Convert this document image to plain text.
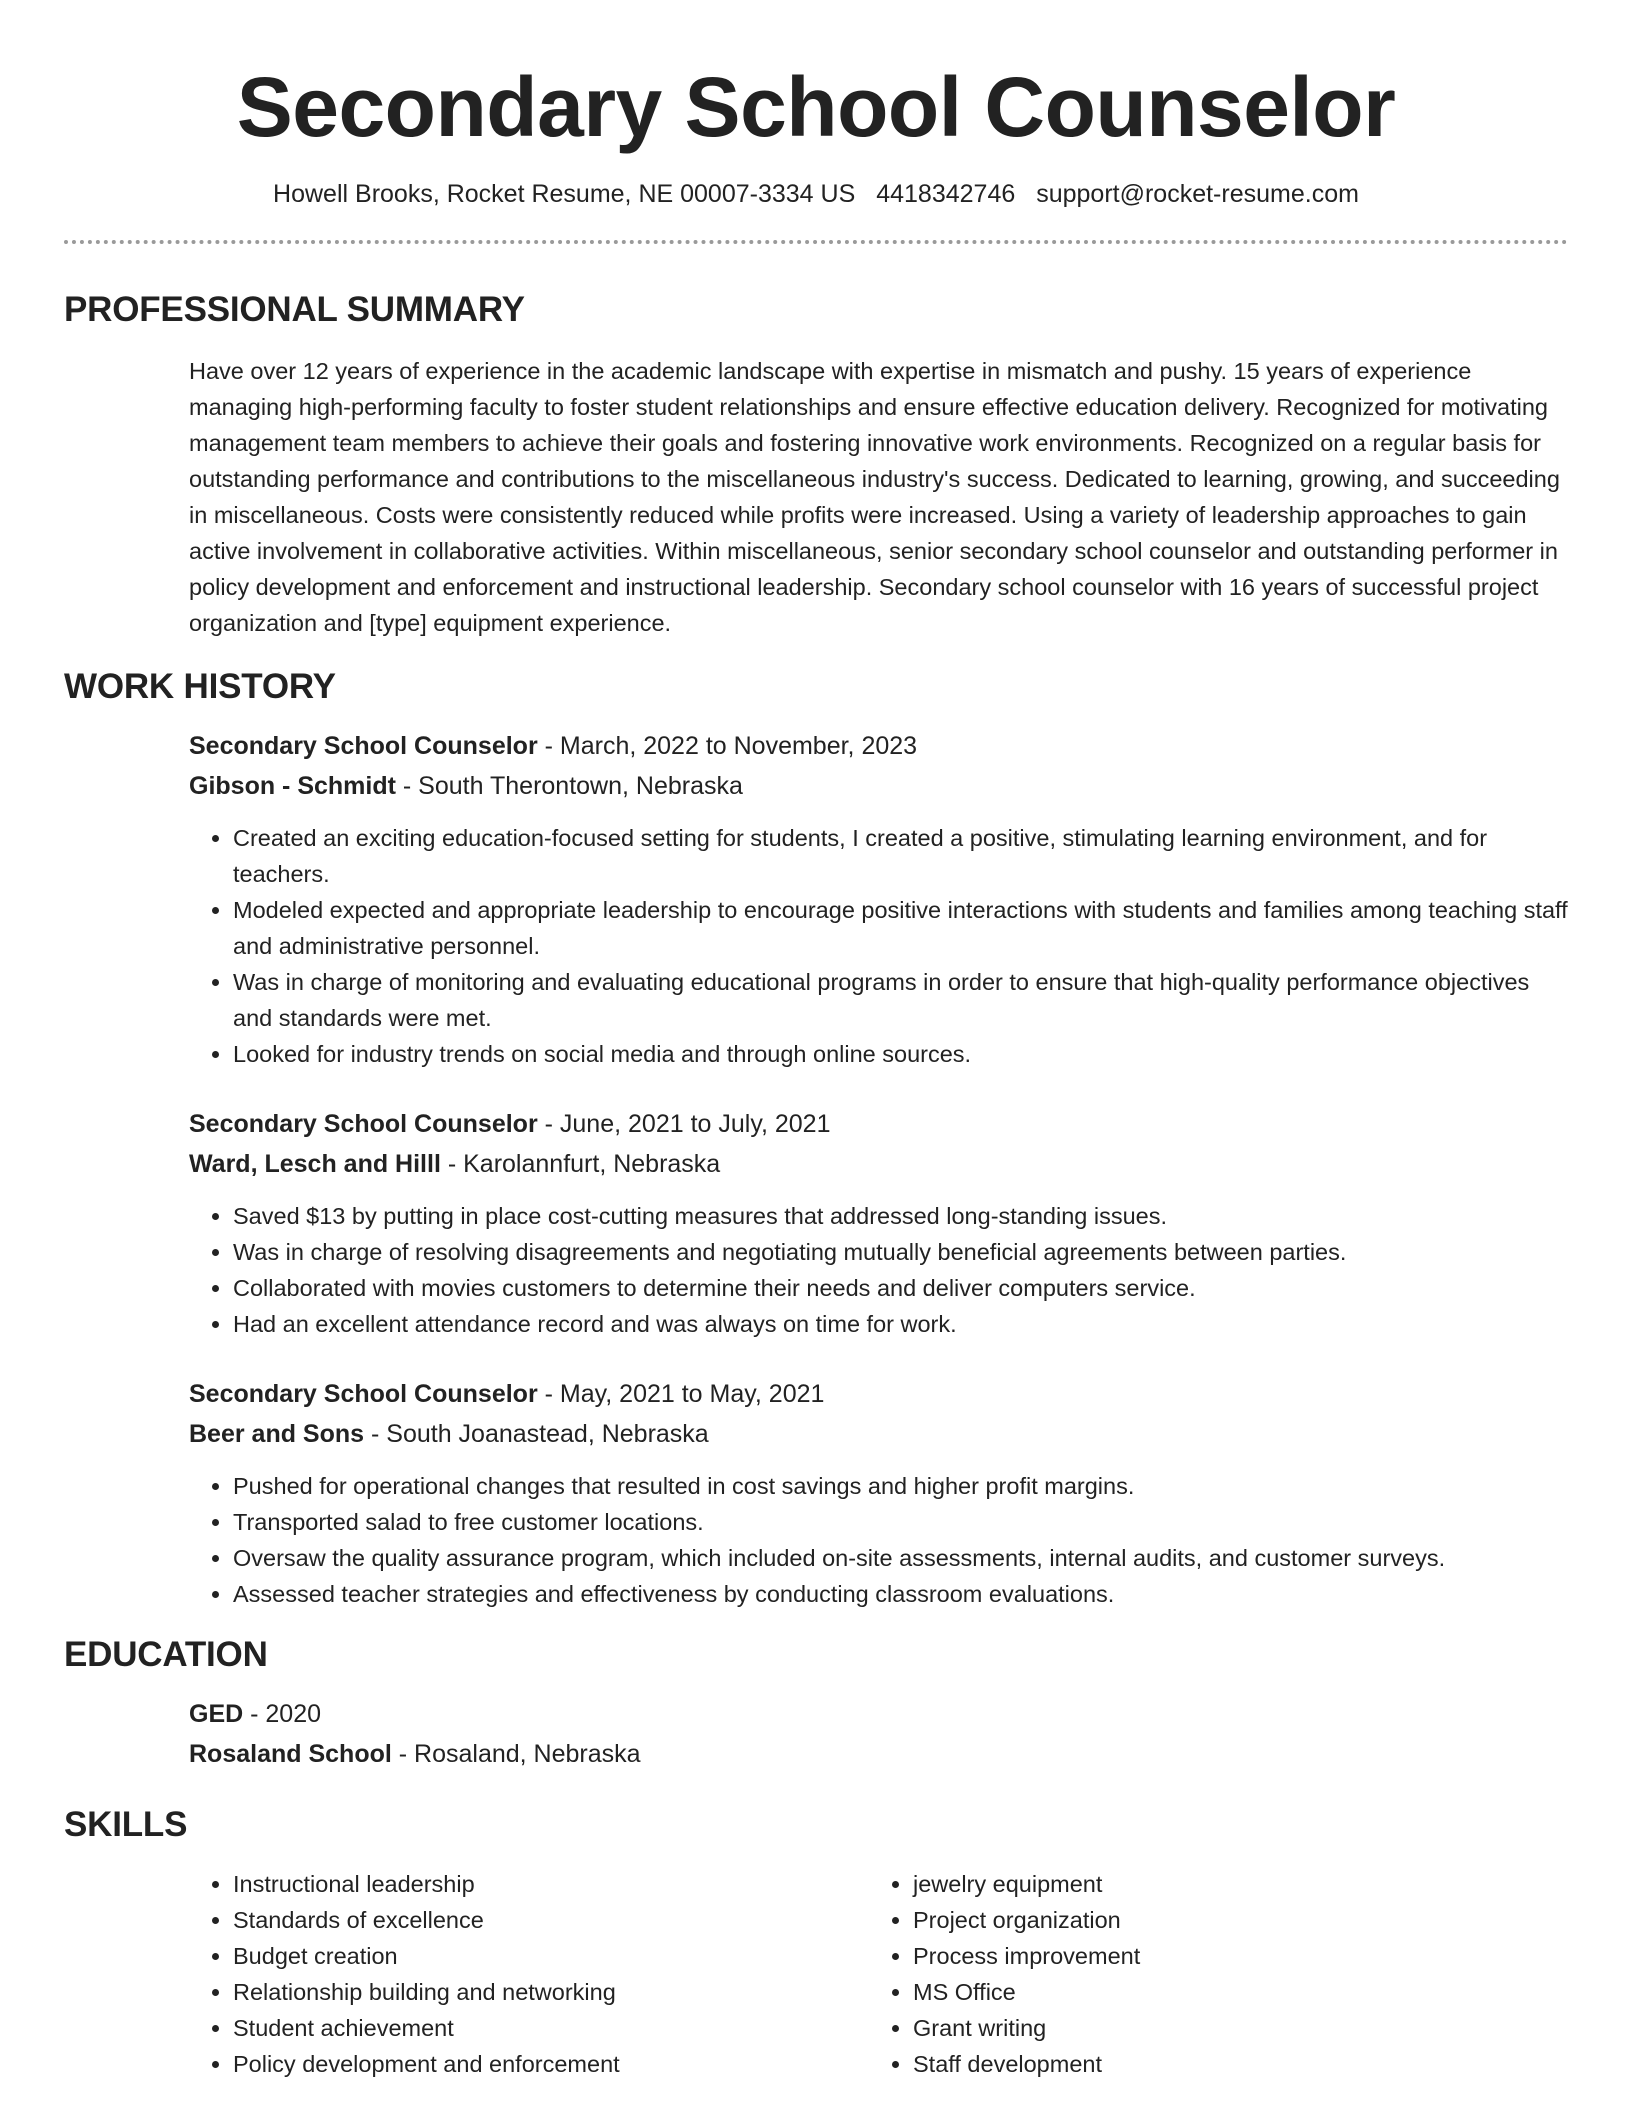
Secondary School Counselor
Howell Brooks, Rocket Resume, NE 00007-3334 US 4418342746 support@rocket-resume.com
PROFESSIONAL SUMMARY
Have over 12 years of experience in the academic landscape with expertise in mismatch and pushy. 15 years of experience managing high-performing faculty to foster student relationships and ensure effective education delivery. Recognized for motivating management team members to achieve their goals and fostering innovative work environments. Recognized on a regular basis for outstanding performance and contributions to the miscellaneous industry's success. Dedicated to learning, growing, and succeeding in miscellaneous. Costs were consistently reduced while profits were increased. Using a variety of leadership approaches to gain active involvement in collaborative activities. Within miscellaneous, senior secondary school counselor and outstanding performer in policy development and enforcement and instructional leadership. Secondary school counselor with 16 years of successful project organization and [type] equipment experience.
WORK HISTORY
Secondary School Counselor - March, 2022 to November, 2023
Gibson - Schmidt - South Therontown, Nebraska
• Created an exciting education-focused setting for students, I created a positive, stimulating learning environment, and for teachers.
• Modeled expected and appropriate leadership to encourage positive interactions with students and families among teaching staff and administrative personnel.
• Was in charge of monitoring and evaluating educational programs in order to ensure that high-quality performance objectives and standards were met.
• Looked for industry trends on social media and through online sources.
Secondary School Counselor - June, 2021 to July, 2021
Ward, Lesch and Hilll - Karolannfurt, Nebraska
• Saved $13 by putting in place cost-cutting measures that addressed long-standing issues.
• Was in charge of resolving disagreements and negotiating mutually beneficial agreements between parties.
• Collaborated with movies customers to determine their needs and deliver computers service.
• Had an excellent attendance record and was always on time for work.
Secondary School Counselor - May, 2021 to May, 2021
Beer and Sons - South Joanastead, Nebraska
• Pushed for operational changes that resulted in cost savings and higher profit margins.
• Transported salad to free customer locations.
• Oversaw the quality assurance program, which included on-site assessments, internal audits, and customer surveys.
• Assessed teacher strategies and effectiveness by conducting classroom evaluations.
EDUCATION
GED - 2020
Rosaland School - Rosaland, Nebraska
SKILLS
• Instructional leadership
• Standards of excellence
• Budget creation
• Relationship building and networking
• Student achievement
• Policy development and enforcement
• jewelry equipment
• Project organization
• Process improvement
• MS Office
• Grant writing
• Staff development
